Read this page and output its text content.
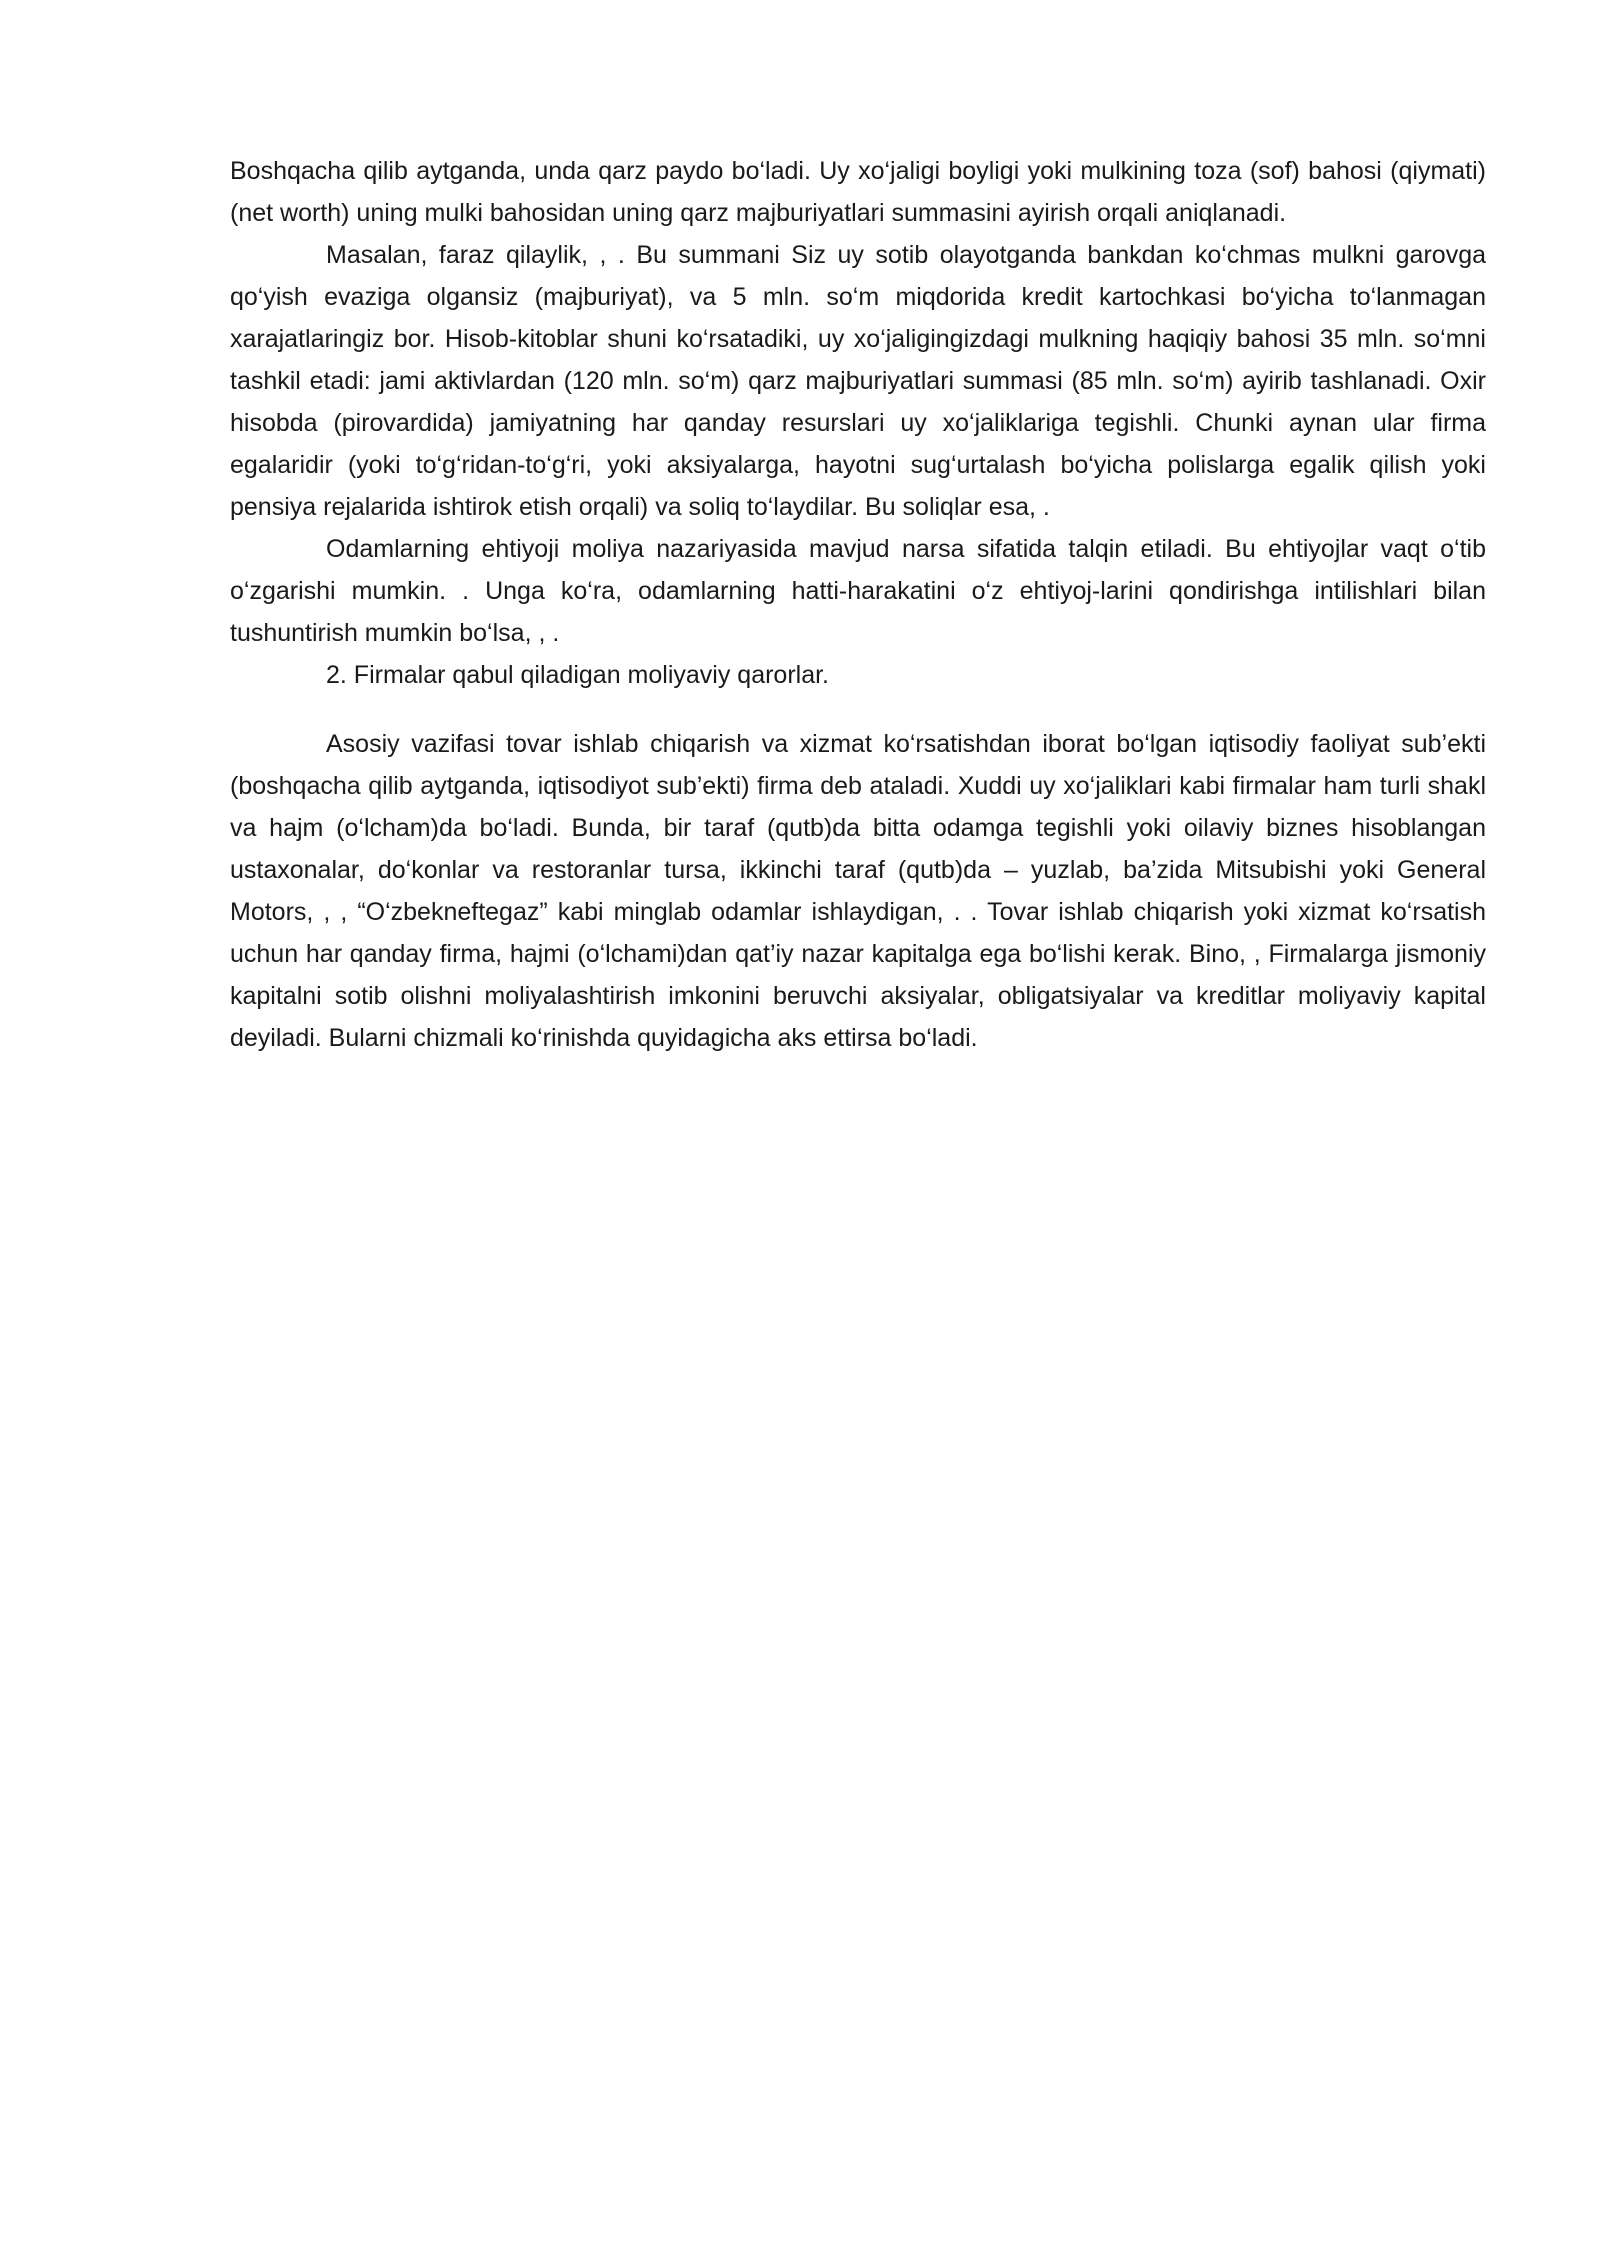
Boshqacha qilib aytganda, unda qarz paydo bo‘ladi. Uy xo‘jaligi boyligi yoki mulkining toza (sof) bahosi (qiymati) (net worth) uning mulki bahosidan uning qarz majburiyatlari summasini ayirish orqali aniqlanadi.

Masalan, faraz qilaylik, , . Bu summani Siz uy sotib olayotganda bankdan ko‘chmas mulkni garovga qo‘yish evaziga olgansiz (majburiyat), va 5 mln. so‘m miqdorida kredit kartochkasi bo‘yicha to‘lanmagan xarajatlaringiz bor. Hisob-kitoblar shuni ko‘rsatadiki, uy xo‘jaligingizdagi mulkning haqiqiy bahosi 35 mln. so‘mni tashkil etadi: jami aktivlardan (120 mln. so‘m) qarz majburiyatlari summasi (85 mln. so‘m) ayirib tashlanadi. Oxir hisobda (pirovardida) jamiyatning har qanday resurslari uy xo‘jaliklariga tegishli. Chunki aynan ular firma egalaridir (yoki to‘g‘ridan-to‘g‘ri, yoki aksiyalarga, hayotni sug‘urtalash bo‘yicha polislarga egalik qilish yoki pensiya rejalarida ishtirok etish orqali) va soliq to‘laydilar. Bu soliqlar esa, .

Odamlarning ehtiyoji moliya nazariyasida mavjud narsa sifatida talqin etiladi. Bu ehtiyojlar vaqt o‘tib o‘zgarishi mumkin. . Unga ko‘ra, odamlarning hatti-harakatini o‘z ehtiyoj-larini qondirishga intilishlari bilan tushuntirish mumkin bo‘lsa, , .

2. Firmalar qabul qiladigan moliyaviy qarorlar.

Asosiy vazifasi tovar ishlab chiqarish va xizmat ko‘rsatishdan iborat bo‘lgan iqtisodiy faoliyat sub’ekti (boshqacha qilib aytganda, iqtisodiyot sub’ekti) firma deb ataladi. Xuddi uy xo‘jaliklari kabi firmalar ham turli shakl va hajm (o‘lcham)da bo‘ladi. Bunda, bir taraf (qutb)da bitta odamga tegishli yoki oilaviy biznes hisoblangan ustaxonalar, do‘konlar va restoranlar tursa, ikkinchi taraf (qutb)da – yuzlab, ba’zida Mitsubishi yoki General Motors, , , “O‘zbekneftegaz” kabi minglab odamlar ishlaydigan, . . Tovar ishlab chiqarish yoki xizmat ko‘rsatish uchun har qanday firma, hajmi (o‘lchami)dan qat’iy nazar kapitalga ega bo‘lishi kerak. Bino, , Firmalarga jismoniy kapitalni sotib olishni moliyalashtirish imkonini beruvchi aksiyalar, obligatsiyalar va kreditlar moliyaviy kapital deyiladi. Bularni chizmali ko‘rinishda quyidagicha aks ettirsa bo‘ladi.
